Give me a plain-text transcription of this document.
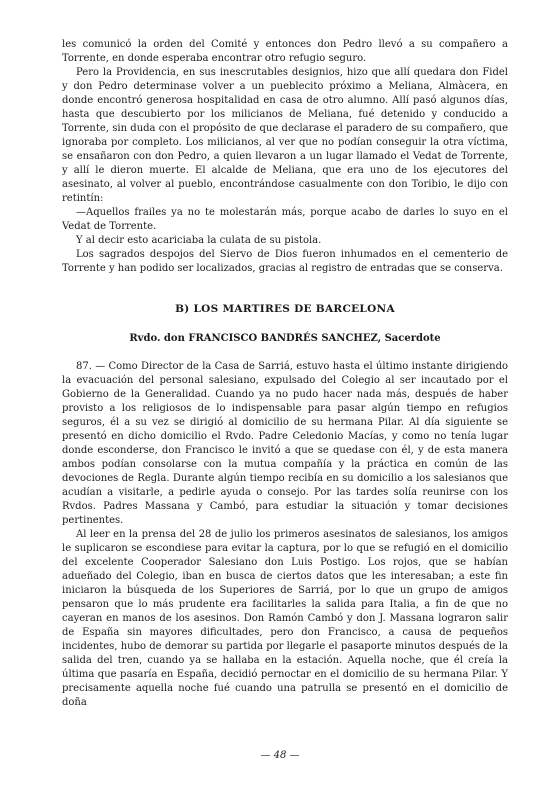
les comunicó la orden del Comité y entonces don Pedro llevó a su compañero a Torrente, en donde esperaba encontrar otro refugio seguro.

Pero la Providencia, en sus inescrutables designios, hizo que allí quedara don Fidel y don Pedro determinase volver a un pueblecito próximo a Meliana, Almàcera, en donde encontró generosa hospitalidad en casa de otro alumno. Allí pasó algunos días, hasta que descubierto por los milicianos de Meliana, fué detenido y conducido a Torrente, sin duda con el propósito de que declarase el paradero de su compañero, que ignoraba por completo. Los milicianos, al ver que no podían conseguir la otra víctima, se ensañaron con don Pedro, a quien llevaron a un lugar llamado el Vedat de Torrente, y allí le dieron muerte. El alcalde de Meliana, que era uno de los ejecutores del asesinato, al volver al pueblo, encontrándose casualmente con don Toribio, le dijo con retintín:

—Aquellos frailes ya no te molestarán más, porque acabo de darles lo suyo en el Vedat de Torrente.

Y al decir esto acariciaba la culata de su pistola.

Los sagrados despojos del Siervo de Dios fueron inhumados en el cementerio de Torrente y han podido ser localizados, gracias al registro de entradas que se conserva.

B) LOS MARTIRES DE BARCELONA
Rvdo. don FRANCISCO BANDRÉS SANCHEZ, Sacerdote

87. — Como Director de la Casa de Sarriá, estuvo hasta el último instante dirigiendo la evacuación del personal salesiano, expulsado del Colegio al ser incautado por el Gobierno de la Generalidad. Cuando ya no pudo hacer nada más, después de haber provisto a los religiosos de lo indispensable para pasar algún tiempo en refugios seguros, él a su vez se dirigió al domicilio de su hermana Pilar. Al día siguiente se presentó en dicho domicilio el Rvdo. Padre Celedonio Macías, y como no tenía lugar donde esconderse, don Francisco le invitó a que se quedase con él, y de esta manera ambos podían consolarse con la mutua compañía y la práctica en común de las devociones de Regla. Durante algún tiempo recibía en su domicilio a los salesianos que acudían a visitarle, a pedirle ayuda o consejo. Por las tardes solía reunirse con los Rvdos. Padres Massana y Cambó, para estudiar la situación y tomar decisiones pertinentes.

Al leer en la prensa del 28 de julio los primeros asesinatos de salesianos, los amigos le suplicaron se escondiese para evitar la captura, por lo que se refugió en el domicilio del excelente Cooperador Salesiano don Luis Postigo. Los rojos, que se habían adueñado del Colegio, iban en busca de ciertos datos que les interesaban; a este fin iniciaron la búsqueda de los Superiores de Sarriá, por lo que un grupo de amigos pensaron que lo más prudente era facilitarles la salida para Italia, a fin de que no cayeran en manos de los asesinos. Don Ramón Cambó y don J. Massana lograron salir de España sin mayores dificultades, pero don Francisco, a causa de pequeños incidentes, hubo de demorar su partida por llegarle el pasaporte minutos después de la salida del tren, cuando ya se hallaba en la estación. Aquella noche, que él creía la última que pasaría en España, decidió pernoctar en el domicilio de su hermana Pilar. Y precisamente aquella noche fué cuando una patrulla se presentó en el domicilio de doña

— 48 —
